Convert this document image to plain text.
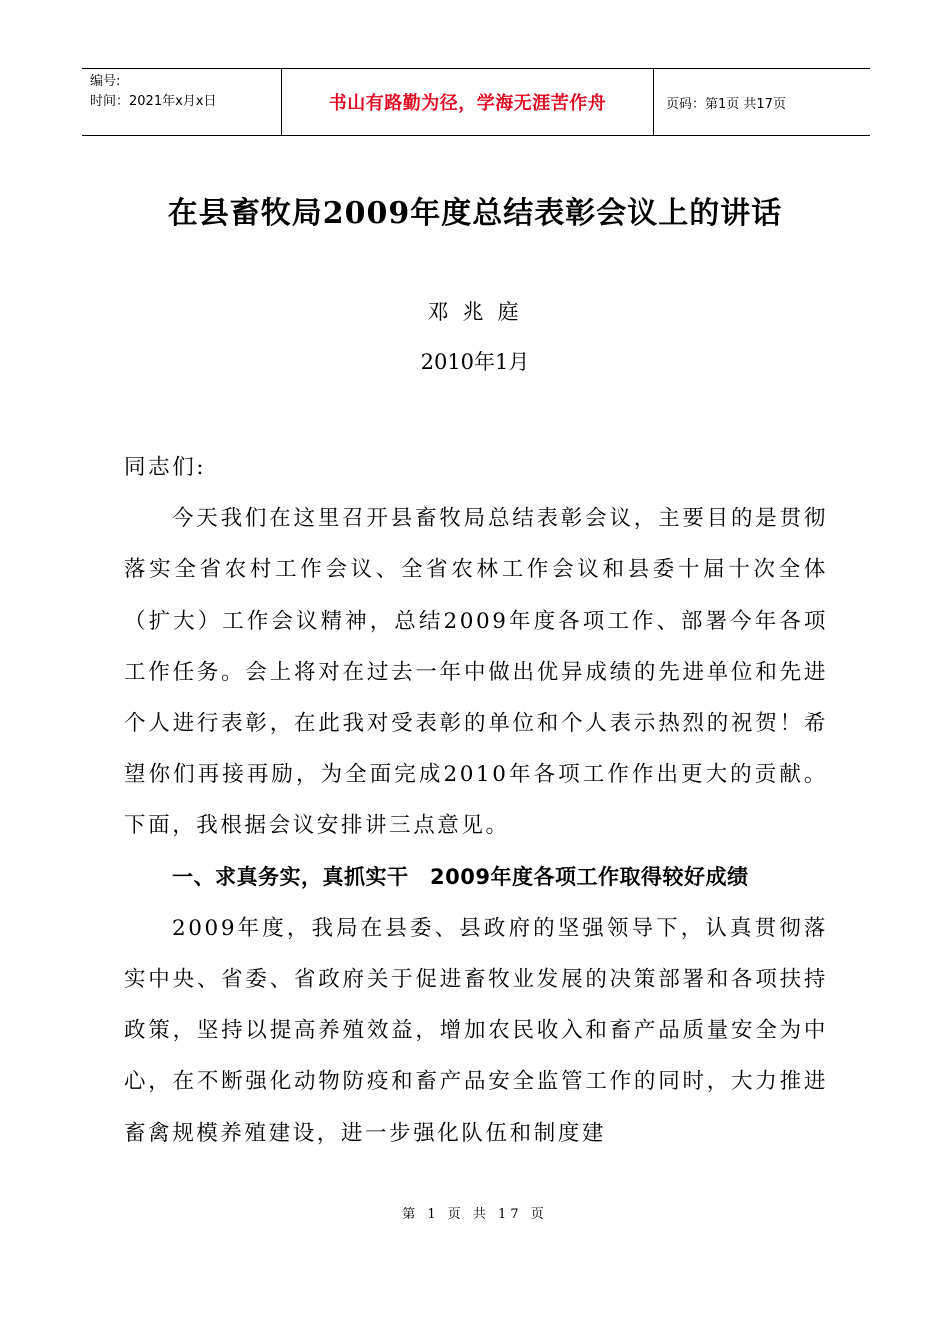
编号:
时间：2021年x月x日	书山有路勤为径，学海无涯苦作舟	页码：第1页 共17页
在县畜牧局2009年度总结表彰会议上的讲话
邓兆庭
2010年1月

同志们:

今天我们在这里召开县畜牧局总结表彰会议，主要目的是贯彻落实全省农村工作会议、全省农林工作会议和县委十届十次全体（扩大）工作会议精神，总结2009年度各项工作、部署今年各项工作任务。会上将对在过去一年中做出优异成绩的先进单位和先进个人进行表彰，在此我对受表彰的单位和个人表示热烈的祝贺！希望你们再接再励，为全面完成2010年各项工作作出更大的贡献。下面，我根据会议安排讲三点意见。

一、求真务实，真抓实干　2009年度各项工作取得较好成绩

2009年度，我局在县委、县政府的坚强领导下，认真贯彻落实中央、省委、省政府关于促进畜牧业发展的决策部署和各项扶持政策，坚持以提高养殖效益，增加农民收入和畜产品质量安全为中心，在不断强化动物防疫和畜产品安全监管工作的同时，大力推进畜禽规模养殖建设，进一步强化队伍和制度建

第 1 页 共 17 页
